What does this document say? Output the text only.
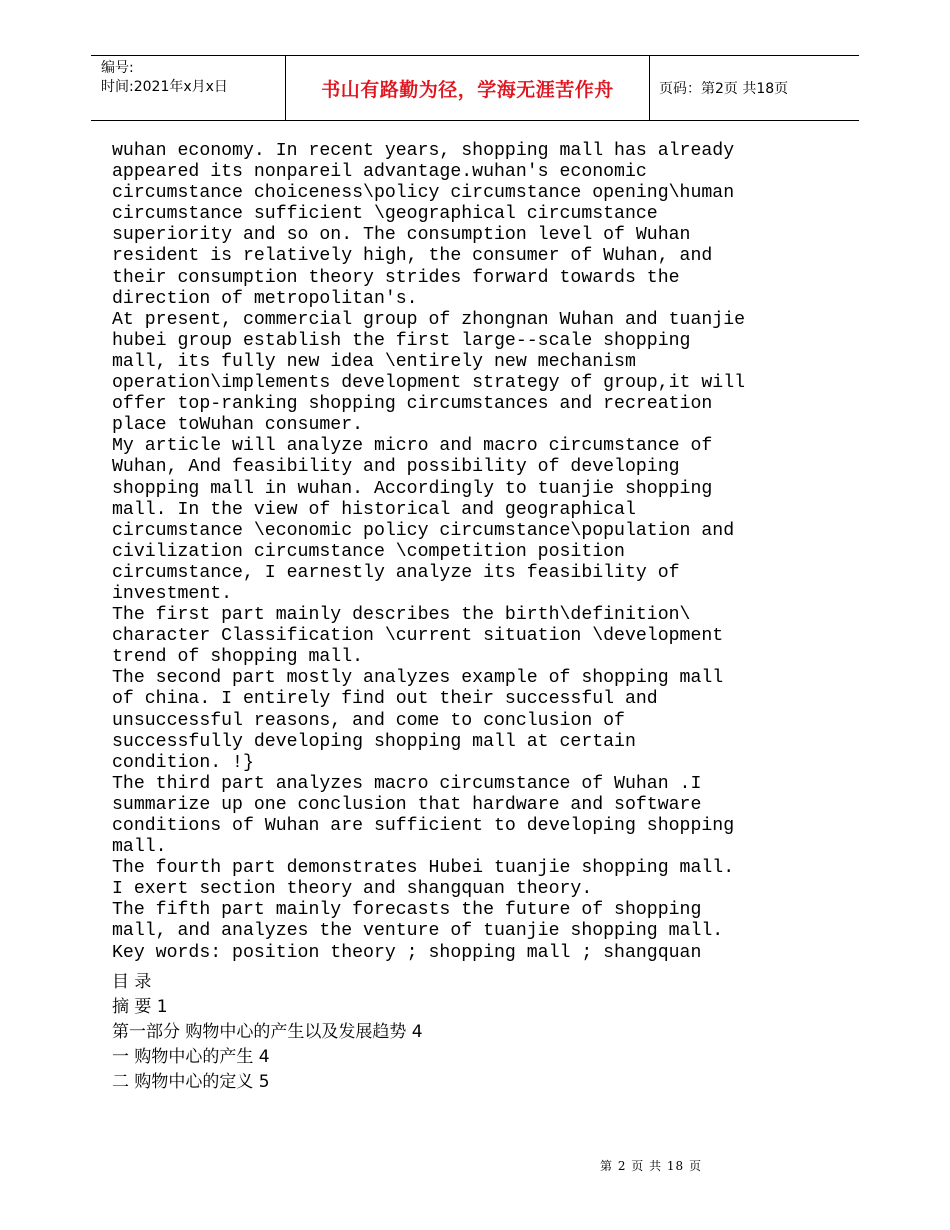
编号:
时间:2021年x月x日	书山有路勤为径，学海无涯苦作舟	页码：第2页 共18页
wuhan economy. In recent years, shopping mall has already
appeared its nonpareil advantage.wuhan's economic
circumstance choiceness\policy circumstance opening\human
circumstance sufficient \geographical circumstance
superiority and so on. The consumption level of Wuhan
resident is relatively high, the consumer of Wuhan, and
their consumption theory strides forward towards the
direction of metropolitan's.
At present, commercial group of zhongnan Wuhan and tuanjie
hubei group establish the first large--scale shopping
mall, its fully new idea \entirely new mechanism
operation\implements development strategy of group,it will
offer top-ranking shopping circumstances and recreation
place toWuhan consumer.
My article will analyze micro and macro circumstance of
Wuhan, And feasibility and possibility of developing
shopping mall in wuhan. Accordingly to tuanjie shopping
mall. In the view of historical and geographical
circumstance \economic policy circumstance\population and
civilization circumstance \competition position
circumstance, I earnestly analyze its feasibility of
investment.
The first part mainly describes the birth\definition\
character Classification \current situation \development
trend of shopping mall.
The second part mostly analyzes example of shopping mall
of china. I entirely find out their successful and
unsuccessful reasons, and come to conclusion of
successfully developing shopping mall at certain
condition. !}
The third part analyzes macro circumstance of Wuhan .I
summarize up one conclusion that hardware and software
conditions of Wuhan are sufficient to developing shopping
mall.
The fourth part demonstrates Hubei tuanjie shopping mall.
I exert section theory and shangquan theory.
The fifth part mainly forecasts the future of shopping
mall, and analyzes the venture of tuanjie shopping mall.
Key words: position theory ; shopping mall ; shangquan
目 录
摘 要 1
第一部分 购物中心的产生以及发展趋势 4
一 购物中心的产生 4
二 购物中心的定义 5
第 2 页 共 18 页
